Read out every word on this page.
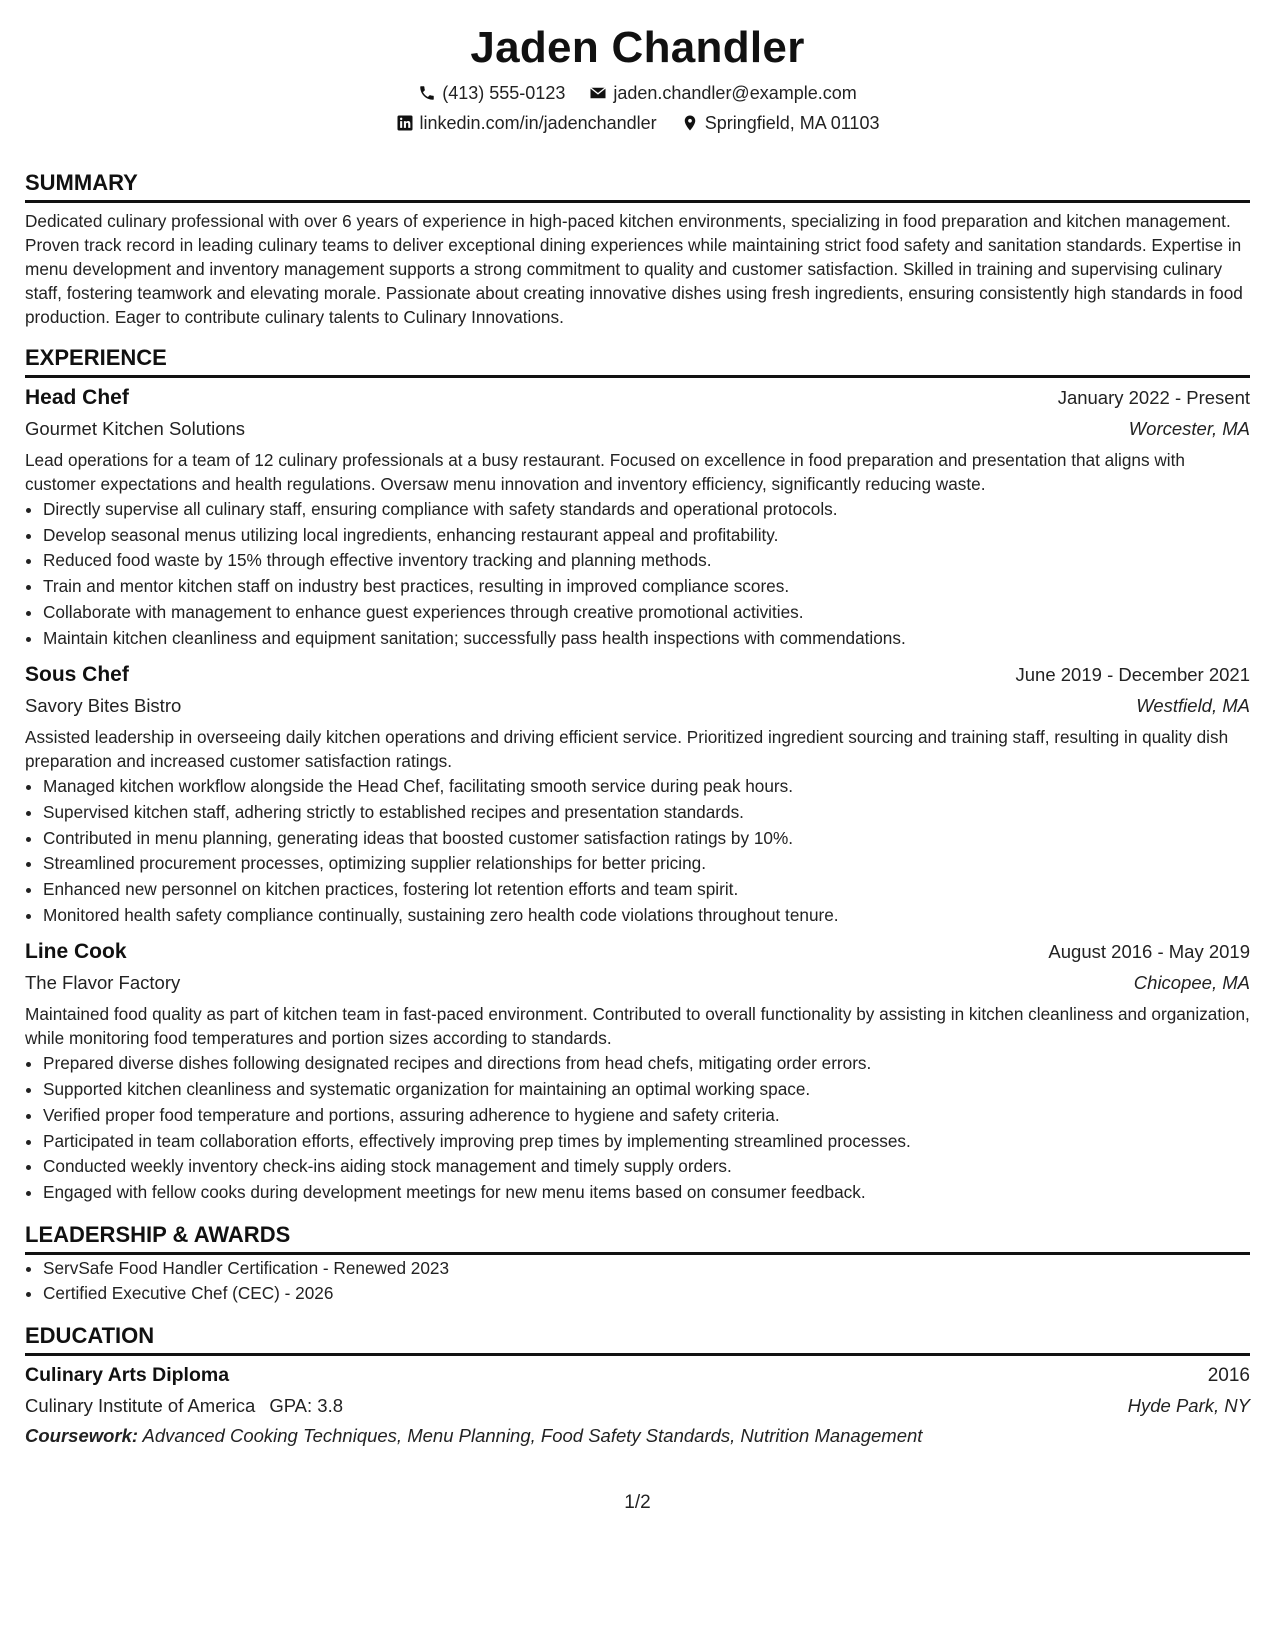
Jaden Chandler
(413) 555-0123	jaden.chandler@example.com
linkedin.com/in/jadenchandler	Springfield, MA 01103
SUMMARY

Dedicated culinary professional with over 6 years of experience in high-paced kitchen environments, specializing in food preparation and kitchen management. Proven track record in leading culinary teams to deliver exceptional dining experiences while maintaining strict food safety and sanitation standards. Expertise in menu development and inventory management supports a strong commitment to quality and customer satisfaction. Skilled in training and supervising culinary staff, fostering teamwork and elevating morale. Passionate about creating innovative dishes using fresh ingredients, ensuring consistently high standards in food production. Eager to contribute culinary talents to Culinary Innovations.

EXPERIENCE
Head Chef	January 2022 - Present
Gourmet Kitchen Solutions	Worcester, MA

Lead operations for a team of 12 culinary professionals at a busy restaurant. Focused on excellence in food preparation and presentation that aligns with customer expectations and health regulations. Oversaw menu innovation and inventory efficiency, significantly reducing waste.

• Directly supervise all culinary staff, ensuring compliance with safety standards and operational protocols.
• Develop seasonal menus utilizing local ingredients, enhancing restaurant appeal and profitability.
• Reduced food waste by 15% through effective inventory tracking and planning methods.
• Train and mentor kitchen staff on industry best practices, resulting in improved compliance scores.
• Collaborate with management to enhance guest experiences through creative promotional activities.
• Maintain kitchen cleanliness and equipment sanitation; successfully pass health inspections with commendations.
Sous Chef	June 2019 - December 2021
Savory Bites Bistro	Westfield, MA

Assisted leadership in overseeing daily kitchen operations and driving efficient service. Prioritized ingredient sourcing and training staff, resulting in quality dish preparation and increased customer satisfaction ratings.

• Managed kitchen workflow alongside the Head Chef, facilitating smooth service during peak hours.
• Supervised kitchen staff, adhering strictly to established recipes and presentation standards.
• Contributed in menu planning, generating ideas that boosted customer satisfaction ratings by 10%.
• Streamlined procurement processes, optimizing supplier relationships for better pricing.
• Enhanced new personnel on kitchen practices, fostering lot retention efforts and team spirit.
• Monitored health safety compliance continually, sustaining zero health code violations throughout tenure.
Line Cook	August 2016 - May 2019
The Flavor Factory	Chicopee, MA

Maintained food quality as part of kitchen team in fast-paced environment. Contributed to overall functionality by assisting in kitchen cleanliness and organization, while monitoring food temperatures and portion sizes according to standards.

• Prepared diverse dishes following designated recipes and directions from head chefs, mitigating order errors.
• Supported kitchen cleanliness and systematic organization for maintaining an optimal working space.
• Verified proper food temperature and portions, assuring adherence to hygiene and safety criteria.
• Participated in team collaboration efforts, effectively improving prep times by implementing streamlined processes.
• Conducted weekly inventory check-ins aiding stock management and timely supply orders.
• Engaged with fellow cooks during development meetings for new menu items based on consumer feedback.
LEADERSHIP & AWARDS
• ServSafe Food Handler Certification - Renewed 2023
• Certified Executive Chef (CEC) - 2026
EDUCATION
Culinary Arts Diploma	2016
Culinary Institute of America GPA: 3.8	Hyde Park, NY
Coursework: Advanced Cooking Techniques, Menu Planning, Food Safety Standards, Nutrition Management
1/2
